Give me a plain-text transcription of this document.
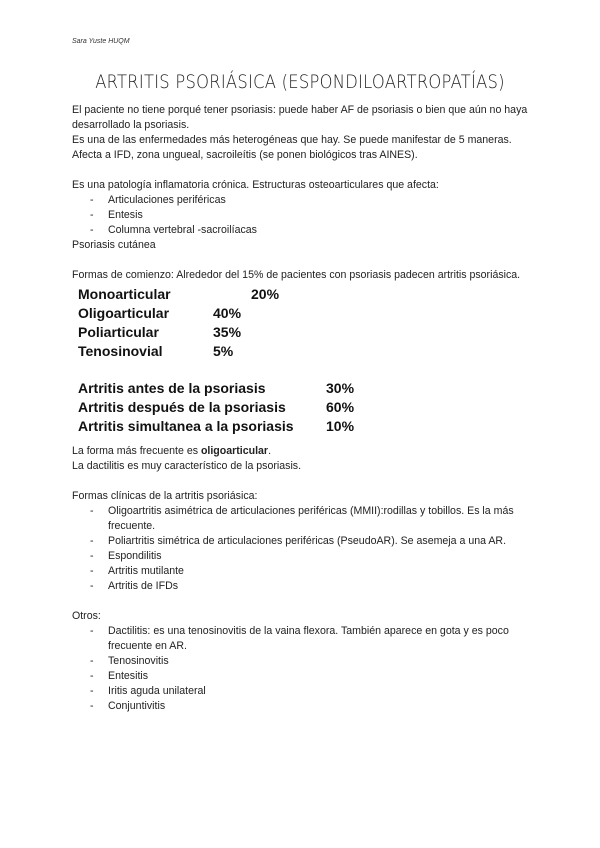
Sara Yuste HUQM
ARTRITIS PSORIÁSICA (ESPONDILOARTROPATÍAS)

El paciente no tiene porqué tener psoriasis: puede haber AF de psoriasis o bien que aún no haya desarrollado la psoriasis.

Es una de las enfermedades más heterogéneas que hay. Se puede manifestar de 5 maneras. Afecta a IFD, zona ungueal, sacroileítis (se ponen biológicos tras AINES).

Es una patología inflamatoria crónica. Estructuras osteoarticulares que afecta:

- Articulaciones periféricas
- Entesis
- Columna vertebral -sacroilíacas

Psoriasis cutánea

Formas de comienzo: Alrededor del 15% de pacientes con psoriasis padecen artritis psoriásica.

Monoarticular	20%
Oligoarticular	40%
Poliarticular	35%
Tenosinovial	5%
Artritis antes de la psoriasis	30%
Artritis después de la psoriasis	60%
Artritis simultanea a la psoriasis 10%

La forma más frecuente es oligoarticular.

La dactilitis es muy característico de la psoriasis.

Formas clínicas de la artritis psoriásica:

- Oligoartritis asimétrica de articulaciones periféricas (MMII):rodillas y tobillos. Es la más frecuente.
- Poliartritis simétrica de articulaciones periféricas (PseudoAR). Se asemeja a una AR.
- Espondilitis
- Artritis mutilante
- Artritis de IFDs

Otros:

- Dactilitis: es una tenosinovitis de la vaina flexora. También aparece en gota y es poco frecuente en AR.
- Tenosinovitis
- Entesitis
- Iritis aguda unilateral
- Conjuntivitis
